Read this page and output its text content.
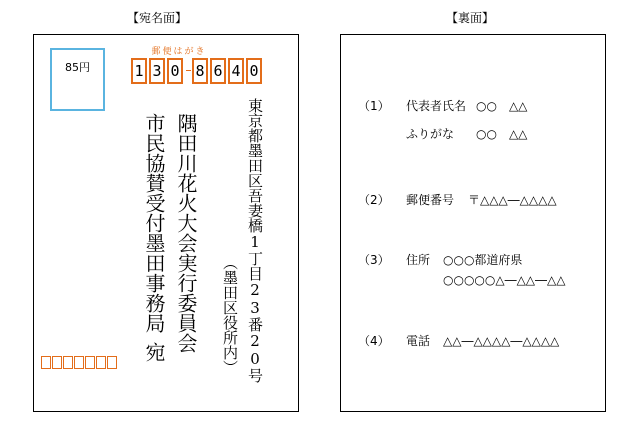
【宛名面】	【裏面】
85円
郵便はがき
1 3 0 8 6 4 0
東京都墨田区吾妻橋1丁目23番20号
（墨田区役所内）
隅田川花火大会実行委員会
市民協賛受付墨田事務局
宛
（1） 代表者氏名 ○○　△△
ふりがな ○○　△△
（2） 郵便番号 〒△△△―△△△△
（3） 住所 ○○○都道府県
○○○○○△―△△―△△
（4） 電話 △△―△△△△―△△△△
